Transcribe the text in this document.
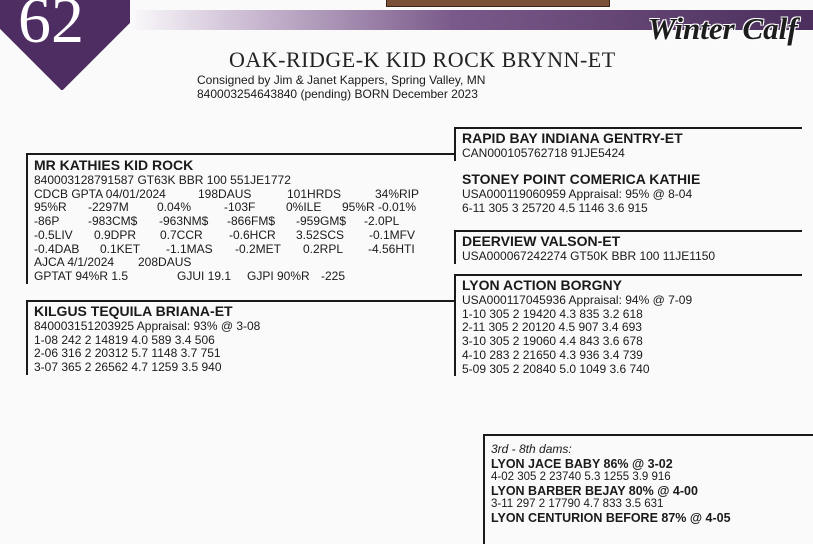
62	Winter Calf
OAK-RIDGE-K KID ROCK BRYNN-ET
Consigned by Jim & Janet Kappers, Spring Valley, MN
840003254643840 (pending) BORN December 2023
MR KATHIES KID ROCK
840003128791587 GT63K BBR 100 551JE1772
CDCB GPTA 04/01/2024	198DAUS	101HRDS	34%RIP
95%R	-2297M	0.04%	-103F	0%ILE	95%R -0.01%
-86P	-983CM$	-963NM$	-866FM$	-959GM$	-2.0PL
-0.5LIV	0.9DPR	0.7CCR	-0.6HCR	3.52SCS	-0.1MFV
-0.4DAB	0.1KET	-1.1MAS	-0.2MET	0.2RPL	-4.56HTI
AJCA 4/1/2024	208DAUS
GPTAT 94%R 1.5	GJUI 19.1	GJPI 90%R -225
KILGUS TEQUILA BRIANA-ET
840003151203925 Appraisal: 93% @ 3-08
1-08 242 2 14819 4.0 589 3.4 506
2-06 316 2 20312 5.7 1148 3.7 751
3-07 365 2 26562 4.7 1259 3.5 940
RAPID BAY INDIANA GENTRY-ET
CAN000105762718 91JE5424
STONEY POINT COMERICA KATHIE
USA000119060959 Appraisal: 95% @ 8-04
6-11 305 3 25720 4.5 1146 3.6 915
DEERVIEW VALSON-ET
USA000067242274 GT50K BBR 100 11JE1150
LYON ACTION BORGNY
USA000117045936 Appraisal: 94% @ 7-09
1-10 305 2 19420 4.3 835 3.2 618
2-11 305 2 20120 4.5 907 3.4 693
3-10 305 2 19060 4.4 843 3.6 678
4-10 283 2 21650 4.3 936 3.4 739
5-09 305 2 20840 5.0 1049 3.6 740
3rd - 8th dams:
LYON JACE BABY 86% @ 3-02
4-02 305 2 23740 5.3 1255 3.9 916
LYON BARBER BEJAY 80% @ 4-00
3-11 297 2 17790 4.7 833 3.5 631
LYON CENTURION BEFORE 87% @ 4-05
